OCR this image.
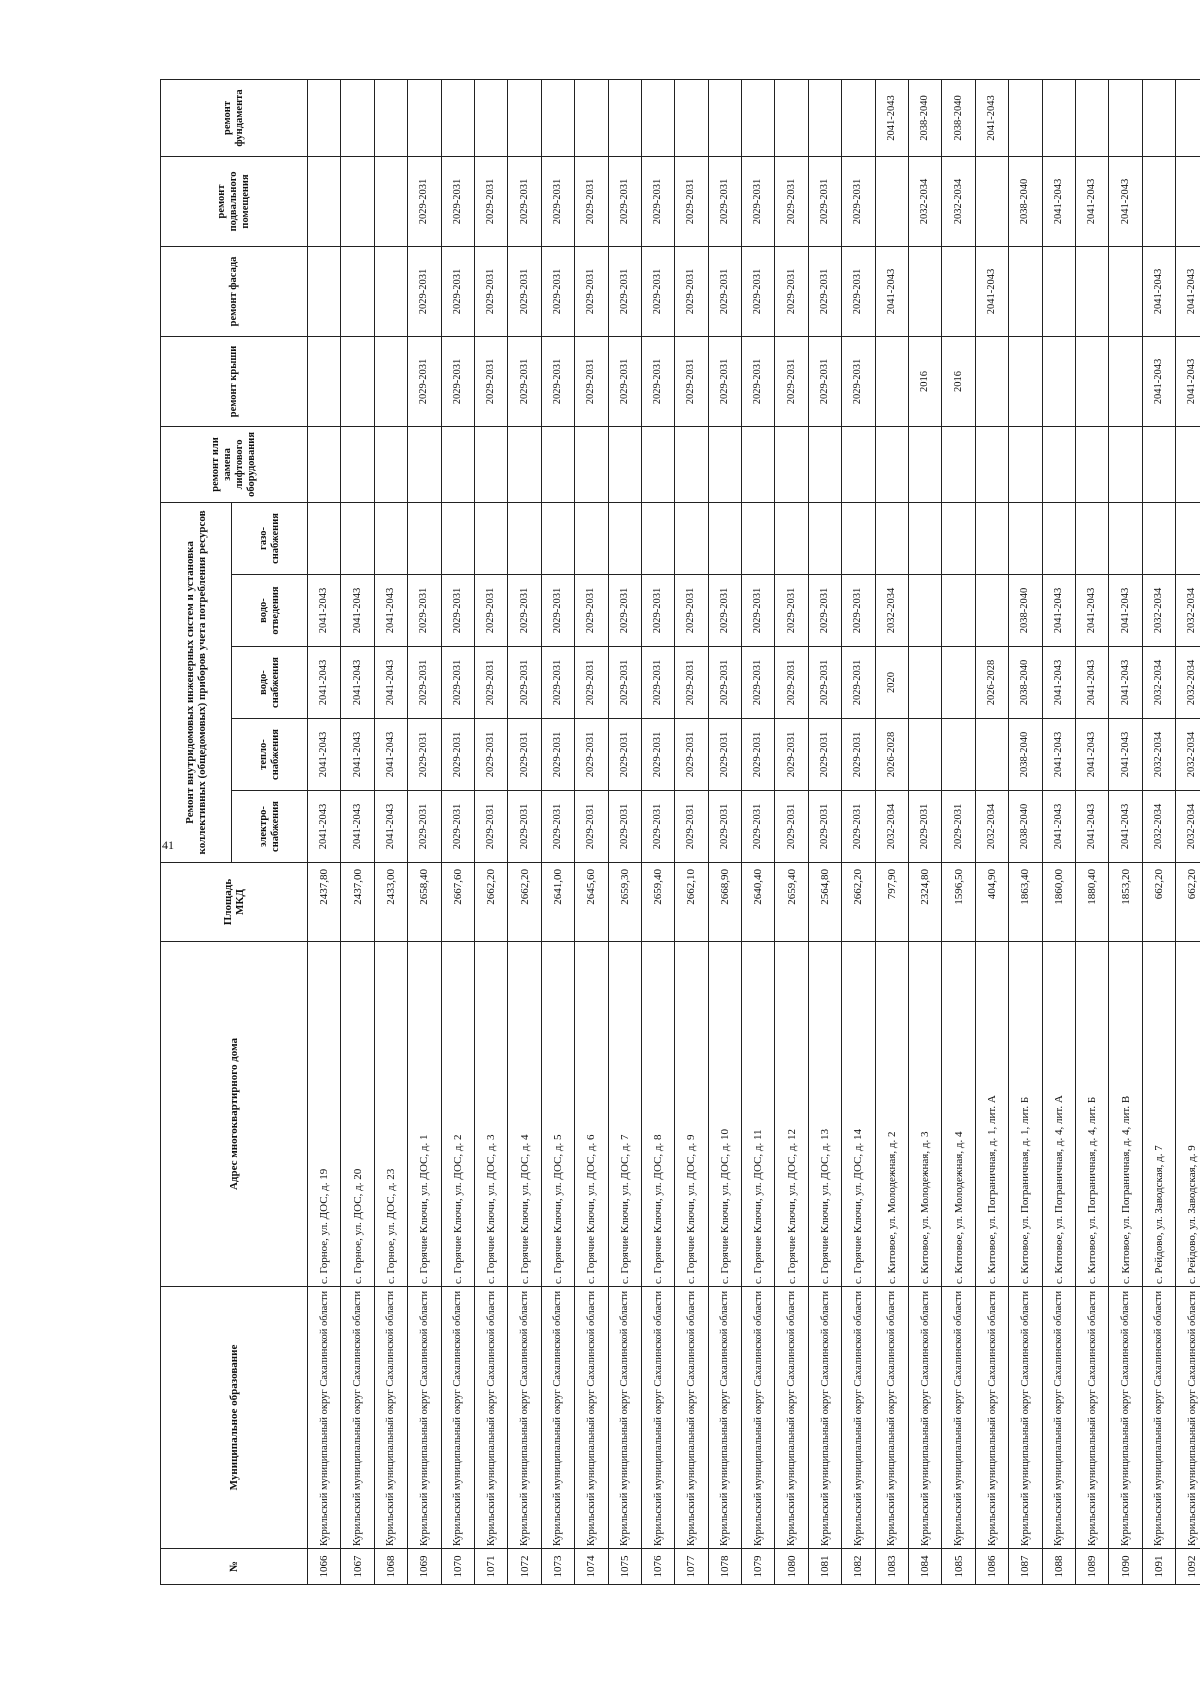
41
№	Муниципальное образование	Адрес многоквартирного дома	Площадь МКД	Ремонт внутридомовых инженерных систем и установка коллективных (общедомовых) приборов учета потребления ресурсов					ремонт или замена лифтового оборудования	ремонт крыши	ремонт фасада	ремонт подвального помещения	ремонт фундамента
				электро-снабжения	тепло-снабжения	водо-снабжения	водо-отведения	газо-снабжения					
1066	Курильский муниципальный округ Сахалинской области	с. Горное, ул. ДОС, д. 19	2437,80	2041-2043	2041-2043	2041-2043	2041-2043						
1067	Курильский муниципальный округ Сахалинской области	с. Горное, ул. ДОС, д. 20	2437,00	2041-2043	2041-2043	2041-2043	2041-2043						
1068	Курильский муниципальный округ Сахалинской области	с. Горное, ул. ДОС, д. 23	2433,00	2041-2043	2041-2043	2041-2043	2041-2043						
1069	Курильский муниципальный округ Сахалинской области	с. Горячие Ключи, ул. ДОС, д. 1	2658,40	2029-2031	2029-2031	2029-2031	2029-2031			2029-2031	2029-2031	2029-2031	
1070	Курильский муниципальный округ Сахалинской области	с. Горячие Ключи, ул. ДОС, д. 2	2667,60	2029-2031	2029-2031	2029-2031	2029-2031			2029-2031	2029-2031	2029-2031	
1071	Курильский муниципальный округ Сахалинской области	с. Горячие Ключи, ул. ДОС, д. 3	2662,20	2029-2031	2029-2031	2029-2031	2029-2031			2029-2031	2029-2031	2029-2031	
1072	Курильский муниципальный округ Сахалинской области	с. Горячие Ключи, ул. ДОС, д. 4	2662,20	2029-2031	2029-2031	2029-2031	2029-2031			2029-2031	2029-2031	2029-2031	
1073	Курильский муниципальный округ Сахалинской области	с. Горячие Ключи, ул. ДОС, д. 5	2641,00	2029-2031	2029-2031	2029-2031	2029-2031			2029-2031	2029-2031	2029-2031	
1074	Курильский муниципальный округ Сахалинской области	с. Горячие Ключи, ул. ДОС, д. 6	2645,60	2029-2031	2029-2031	2029-2031	2029-2031			2029-2031	2029-2031	2029-2031	
1075	Курильский муниципальный округ Сахалинской области	с. Горячие Ключи, ул. ДОС, д. 7	2659,30	2029-2031	2029-2031	2029-2031	2029-2031			2029-2031	2029-2031	2029-2031	
1076	Курильский муниципальный округ Сахалинской области	с. Горячие Ключи, ул. ДОС, д. 8	2659,40	2029-2031	2029-2031	2029-2031	2029-2031			2029-2031	2029-2031	2029-2031	
1077	Курильский муниципальный округ Сахалинской области	с. Горячие Ключи, ул. ДОС, д. 9	2662,10	2029-2031	2029-2031	2029-2031	2029-2031			2029-2031	2029-2031	2029-2031	
1078	Курильский муниципальный округ Сахалинской области	с. Горячие Ключи, ул. ДОС, д. 10	2668,90	2029-2031	2029-2031	2029-2031	2029-2031			2029-2031	2029-2031	2029-2031	
1079	Курильский муниципальный округ Сахалинской области	с. Горячие Ключи, ул. ДОС, д. 11	2640,40	2029-2031	2029-2031	2029-2031	2029-2031			2029-2031	2029-2031	2029-2031	
1080	Курильский муниципальный округ Сахалинской области	с. Горячие Ключи, ул. ДОС, д. 12	2659,40	2029-2031	2029-2031	2029-2031	2029-2031			2029-2031	2029-2031	2029-2031	
1081	Курильский муниципальный округ Сахалинской области	с. Горячие Ключи, ул. ДОС, д. 13	2564,80	2029-2031	2029-2031	2029-2031	2029-2031			2029-2031	2029-2031	2029-2031	
1082	Курильский муниципальный округ Сахалинской области	с. Горячие Ключи, ул. ДОС, д. 14	2662,20	2029-2031	2029-2031	2029-2031	2029-2031			2029-2031	2029-2031	2029-2031	
1083	Курильский муниципальный округ Сахалинской области	с. Китовое, ул. Молодежная, д. 2	797,90	2032-2034	2026-2028	2020	2032-2034				2041-2043		2041-2043
1084	Курильский муниципальный округ Сахалинской области	с. Китовое, ул. Молодежная, д. 3	2324,80	2029-2031						2016		2032-2034	2038-2040
1085	Курильский муниципальный округ Сахалинской области	с. Китовое, ул. Молодежная, д. 4	1596,50	2029-2031						2016		2032-2034	2038-2040
1086	Курильский муниципальный округ Сахалинской области	с. Китовое, ул. Пограничная, д. 1, лит. А	404,90	2032-2034		2026-2028					2041-2043		2041-2043
1087	Курильский муниципальный округ Сахалинской области	с. Китовое, ул. Пограничная, д. 1, лит. Б	1863,40	2038-2040	2038-2040	2038-2040	2038-2040					2038-2040	
1088	Курильский муниципальный округ Сахалинской области	с. Китовое, ул. Пограничная, д. 4, лит. А	1860,00	2041-2043	2041-2043	2041-2043	2041-2043					2041-2043	
1089	Курильский муниципальный округ Сахалинской области	с. Китовое, ул. Пограничная, д. 4, лит. Б	1880,40	2041-2043	2041-2043	2041-2043	2041-2043					2041-2043	
1090	Курильский муниципальный округ Сахалинской области	с. Китовое, ул. Пограничная, д. 4, лит. В	1853,20	2041-2043	2041-2043	2041-2043	2041-2043					2041-2043	
1091	Курильский муниципальный округ Сахалинской области	с. Рейдово, ул. Заводская, д. 7	662,20	2032-2034	2032-2034	2032-2034	2032-2034			2041-2043	2041-2043		
1092	Курильский муниципальный округ Сахалинской области	с. Рейдово, ул. Заводская, д. 9	662,20	2032-2034	2032-2034	2032-2034	2032-2034			2041-2043	2041-2043		
